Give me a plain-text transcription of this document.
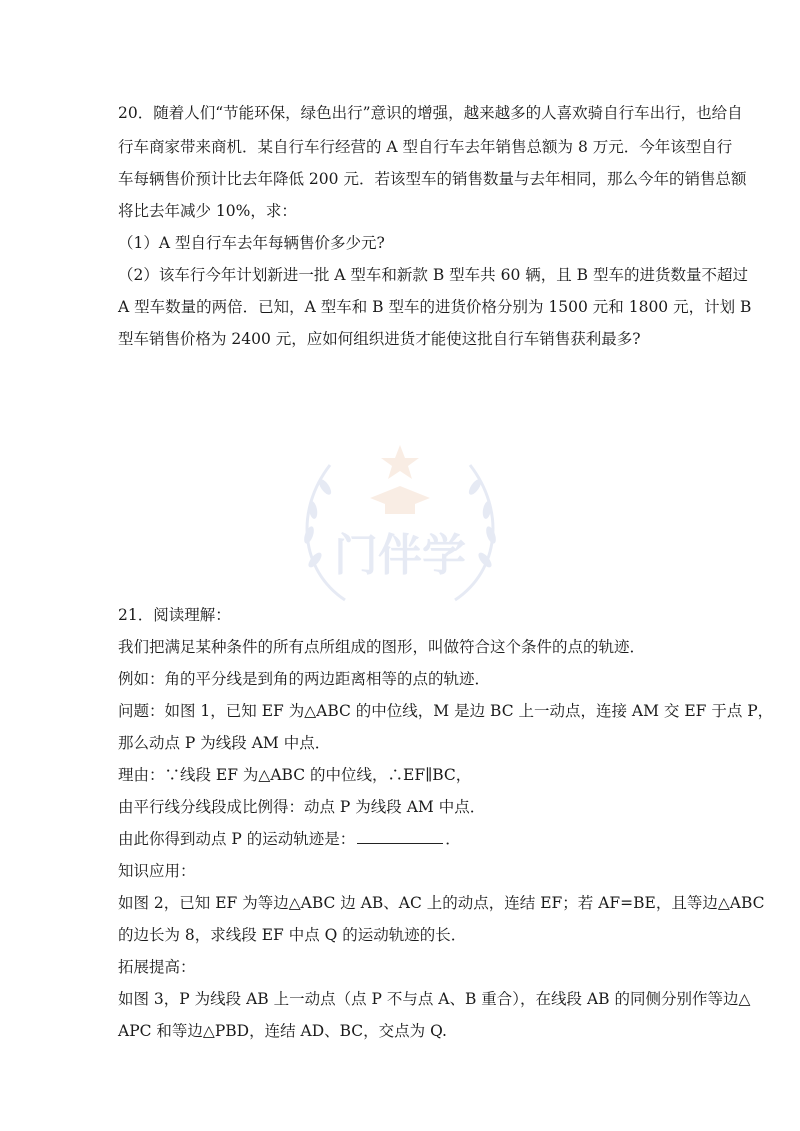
20．随着人们“节能环保，绿色出行”意识的增强，越来越多的人喜欢骑自行车出行，也给自
行车商家带来商机．某自行车行经营的 A 型自行车去年销售总额为 8 万元．今年该型自行
车每辆售价预计比去年降低 200 元．若该型车的销售数量与去年相同，那么今年的销售总额
将比去年减少 10%，求：
（1）A 型自行车去年每辆售价多少元?
（2）该车行今年计划新进一批 A 型车和新款 B 型车共 60 辆，且 B 型车的进货数量不超过
A 型车数量的两倍．已知，A 型车和 B 型车的进货价格分别为 1500 元和 1800 元，计划 B
型车销售价格为 2400 元，应如何组织进货才能使这批自行车销售获利最多?
门伴学
21．阅读理解：
我们把满足某种条件的所有点所组成的图形，叫做符合这个条件的点的轨迹．
例如：角的平分线是到角的两边距离相等的点的轨迹．
问题：如图 1，已知 EF 为△ABC 的中位线，M 是边 BC 上一动点，连接 AM 交 EF 于点 P，
那么动点 P 为线段 AM 中点．
理由：∵线段 EF 为△ABC 的中位线，∴EF∥BC，
由平行线分线段成比例得：动点 P 为线段 AM 中点．
由此你得到动点 P 的运动轨迹是：	．
知识应用：
如图 2，已知 EF 为等边△ABC 边 AB、AC 上的动点，连结 EF；若 AF=BE，且等边△ABC
的边长为 8，求线段 EF 中点 Q 的运动轨迹的长．
拓展提高：
如图 3，P 为线段 AB 上一动点（点 P 不与点 A、B 重合），在线段 AB 的同侧分别作等边△
APC 和等边△PBD，连结 AD、BC，交点为 Q.
